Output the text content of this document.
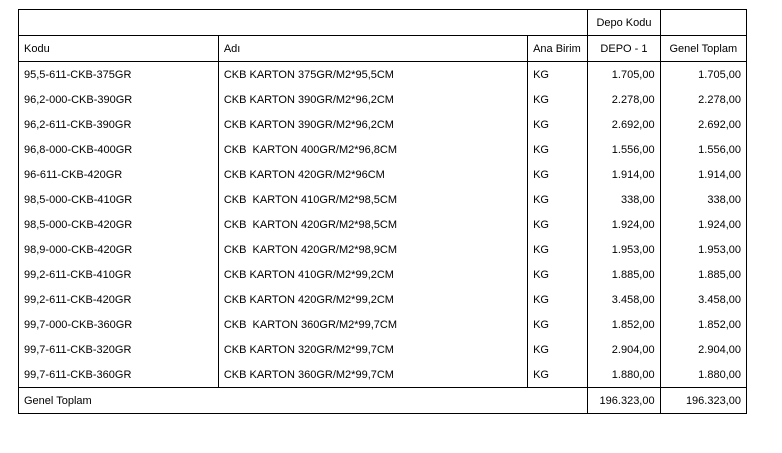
			Depo Kodu	
Kodu	Adı	Ana Birim	DEPO - 1	Genel Toplam
95,5-611-CKB-375GR	CKB KARTON 375GR/M2*95,5CM	KG	1.705,00	1.705,00
96,2-000-CKB-390GR	CKB KARTON 390GR/M2*96,2CM	KG	2.278,00	2.278,00
96,2-611-CKB-390GR	CKB KARTON 390GR/M2*96,2CM	KG	2.692,00	2.692,00
96,8-000-CKB-400GR	CKB  KARTON 400GR/M2*96,8CM	KG	1.556,00	1.556,00
96-611-CKB-420GR	CKB KARTON 420GR/M2*96CM	KG	1.914,00	1.914,00
98,5-000-CKB-410GR	CKB  KARTON 410GR/M2*98,5CM	KG	338,00	338,00
98,5-000-CKB-420GR	CKB  KARTON 420GR/M2*98,5CM	KG	1.924,00	1.924,00
98,9-000-CKB-420GR	CKB  KARTON 420GR/M2*98,9CM	KG	1.953,00	1.953,00
99,2-611-CKB-410GR	CKB KARTON 410GR/M2*99,2CM	KG	1.885,00	1.885,00
99,2-611-CKB-420GR	CKB KARTON 420GR/M2*99,2CM	KG	3.458,00	3.458,00
99,7-000-CKB-360GR	CKB  KARTON 360GR/M2*99,7CM	KG	1.852,00	1.852,00
99,7-611-CKB-320GR	CKB KARTON 320GR/M2*99,7CM	KG	2.904,00	2.904,00
99,7-611-CKB-360GR	CKB KARTON 360GR/M2*99,7CM	KG	1.880,00	1.880,00
Genel Toplam			196.323,00	196.323,00
